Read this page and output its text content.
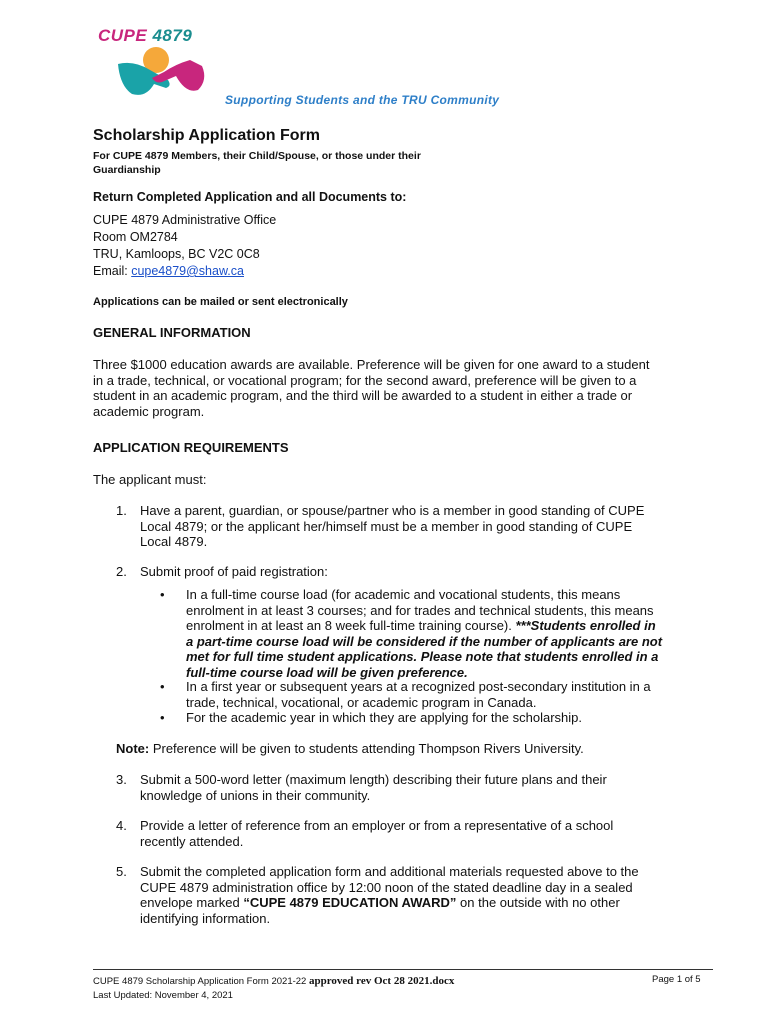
CUPE 4879
Supporting Students and the TRU Community
Scholarship Application Form
For CUPE 4879 Members, their Child/Spouse, or those under their
Guardianship
Return Completed Application and all Documents to:
CUPE 4879 Administrative Office
Room OM2784
TRU, Kamloops, BC V2C 0C8
Email: cupe4879@shaw.ca
Applications can be mailed or sent electronically
GENERAL INFORMATION
Three $1000 education awards are available. Preference will be given for one award to a student
in a trade, technical, or vocational program; for the second award, preference will be given to a
student in an academic program, and the third will be awarded to a student in either a trade or
academic program.
APPLICATION REQUIREMENTS
The applicant must:
1. Have a parent, guardian, or spouse/partner who is a member in good standing of CUPE
Local 4879; or the applicant her/himself must be a member in good standing of CUPE
Local 4879.
2. Submit proof of paid registration:
• In a full-time course load (for academic and vocational students, this means
enrolment in at least 3 courses; and for trades and technical students, this means
enrolment in at least an 8 week full-time training course). ***Students enrolled in
a part-time course load will be considered if the number of applicants are not
met for full time student applications. Please note that students enrolled in a
full-time course load will be given preference.
• In a first year or subsequent years at a recognized post-secondary institution in a
trade, technical, vocational, or academic program in Canada.
• For the academic year in which they are applying for the scholarship.
Note: Preference will be given to students attending Thompson Rivers University.
3. Submit a 500-word letter (maximum length) describing their future plans and their
knowledge of unions in their community.
4. Provide a letter of reference from an employer or from a representative of a school
recently attended.
5. Submit the completed application form and additional materials requested above to the
CUPE 4879 administration office by 12:00 noon of the stated deadline day in a sealed
envelope marked “CUPE 4879 EDUCATION AWARD” on the outside with no other
identifying information.
CUPE 4879 Scholarship Application Form 2021-22 approved rev Oct 28 2021.docx
Last Updated: November 4, 2021
Page 1 of 5
